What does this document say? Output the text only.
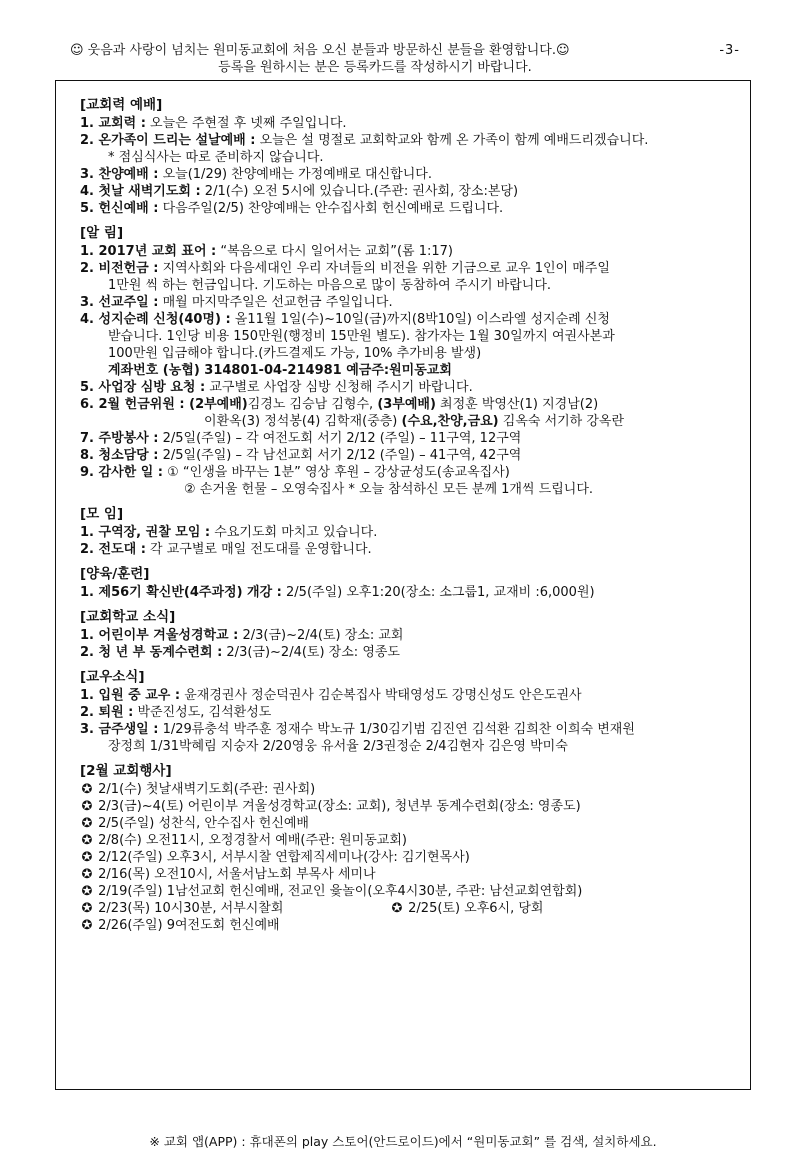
☺ 웃음과 사랑이 넘치는 원미동교회에 처음 오신 분들과 방문하신 분들을 환영합니다.☺	-3-
등록을 원하시는 분은 등록카드를 작성하시기 바랍니다.
[교회력 예배]
1. 교회력 : 오늘은 주현절 후 넷째 주일입니다.
2. 온가족이 드리는 설날예배 : 오늘은 설 명절로 교회학교와 함께 온 가족이 함께 예배드리겠습니다.
* 점심식사는 따로 준비하지 않습니다.
3. 찬양예배 : 오늘(1/29) 찬양예배는 가정예배로 대신합니다.
4. 첫날 새벽기도회 : 2/1(수) 오전 5시에 있습니다.(주관: 권사회, 장소:본당)
5. 헌신예배 : 다음주일(2/5) 찬양예배는 안수집사회 헌신예배로 드립니다.
[알 림]
1. 2017년 교회 표어 : “복음으로 다시 일어서는 교회”(롬 1:17)
2. 비전헌금 : 지역사회와 다음세대인 우리 자녀들의 비전을 위한 기금으로 교우 1인이 매주일
1만원 씩 하는 헌금입니다. 기도하는 마음으로 많이 동참하여 주시기 바랍니다.
3. 선교주일 : 매월 마지막주일은 선교헌금 주일입니다.
4. 성지순례 신청(40명) : 올11월 1일(수)~10일(금)까지(8박10일) 이스라엘 성지순례 신청
받습니다. 1인당 비용 150만원(행정비 15만원 별도). 참가자는 1월 30일까지 여권사본과
100만원 입금해야 합니다.(카드결제도 가능, 10% 추가비용 발생)
계좌번호 (농협) 314801-04-214981 예금주:원미동교회
5. 사업장 심방 요청 : 교구별로 사업장 심방 신청해 주시기 바랍니다.
6. 2월 헌금위원 : (2부예배)김경노 김승남 김형수, (3부예배) 최정훈 박영산(1) 지경남(2)
이환옥(3) 정석봉(4) 김학재(중층) (수요,찬양,금요) 김옥숙 서기하 강옥란
7. 주방봉사 : 2/5일(주일) – 각 여전도회 서기 2/12 (주일) – 11구역, 12구역
8. 청소담당 : 2/5일(주일) – 각 남선교회 서기 2/12 (주일) – 41구역, 42구역
9. 감사한 일 : ① “인생을 바꾸는 1분” 영상 후원 – 강상균성도(송교옥집사)
② 손거울 헌물 – 오영숙집사 * 오늘 참석하신 모든 분께 1개씩 드립니다.
[모 임]
1. 구역장, 권찰 모임 : 수요기도회 마치고 있습니다.
2. 전도대 : 각 교구별로 매일 전도대를 운영합니다.
[양육/훈련]
1. 제56기 확신반(4주과정) 개강 : 2/5(주일) 오후1:20(장소: 소그룹1, 교재비 :6,000원)
[교회학교 소식]
1. 어린이부 겨울성경학교 : 2/3(금)~2/4(토) 장소: 교회
2. 청 년 부 동계수련회 : 2/3(금)~2/4(토) 장소: 영종도
[교우소식]
1. 입원 중 교우 : 윤재경권사 정순덕권사 김순복집사 박태영성도 강명신성도 안은도권사
2. 퇴원 : 박준진성도, 김석환성도
3. 금주생일 : 1/29류충석 박주훈 정재수 박노규 1/30김기범 김진연 김석환 김희찬 이희숙 변재원
장정희 1/31박혜림 지숭자 2/20영웅 유서율 2/3권정순 2/4김현자 김은영 박미숙
[2월 교회행사]
✪ 2/1(수) 첫날새벽기도회(주관: 권사회)
✪ 2/3(금)~4(토) 어린이부 겨울성경학교(장소: 교회), 청년부 동계수련회(장소: 영종도)
✪ 2/5(주일) 성찬식, 안수집사 헌신예배
✪ 2/8(수) 오전11시, 오정경찰서 예배(주관: 원미동교회)
✪ 2/12(주일) 오후3시, 서부시찰 연합제직세미나(강사: 김기현목사)
✪ 2/16(목) 오전10시, 서울서남노회 부목사 세미나
✪ 2/19(주일) 1남선교회 헌신예배, 전교인 윷놀이(오후4시30분, 주관: 남선교회연합회)
✪ 2/23(목) 10시30분, 서부시찰회	✪ 2/25(토) 오후6시, 당회
✪ 2/26(주일) 9여전도회 헌신예배
※ 교회 앱(APP) : 휴대폰의 play 스토어(안드로이드)에서 “원미동교회” 를 검색, 설치하세요.
